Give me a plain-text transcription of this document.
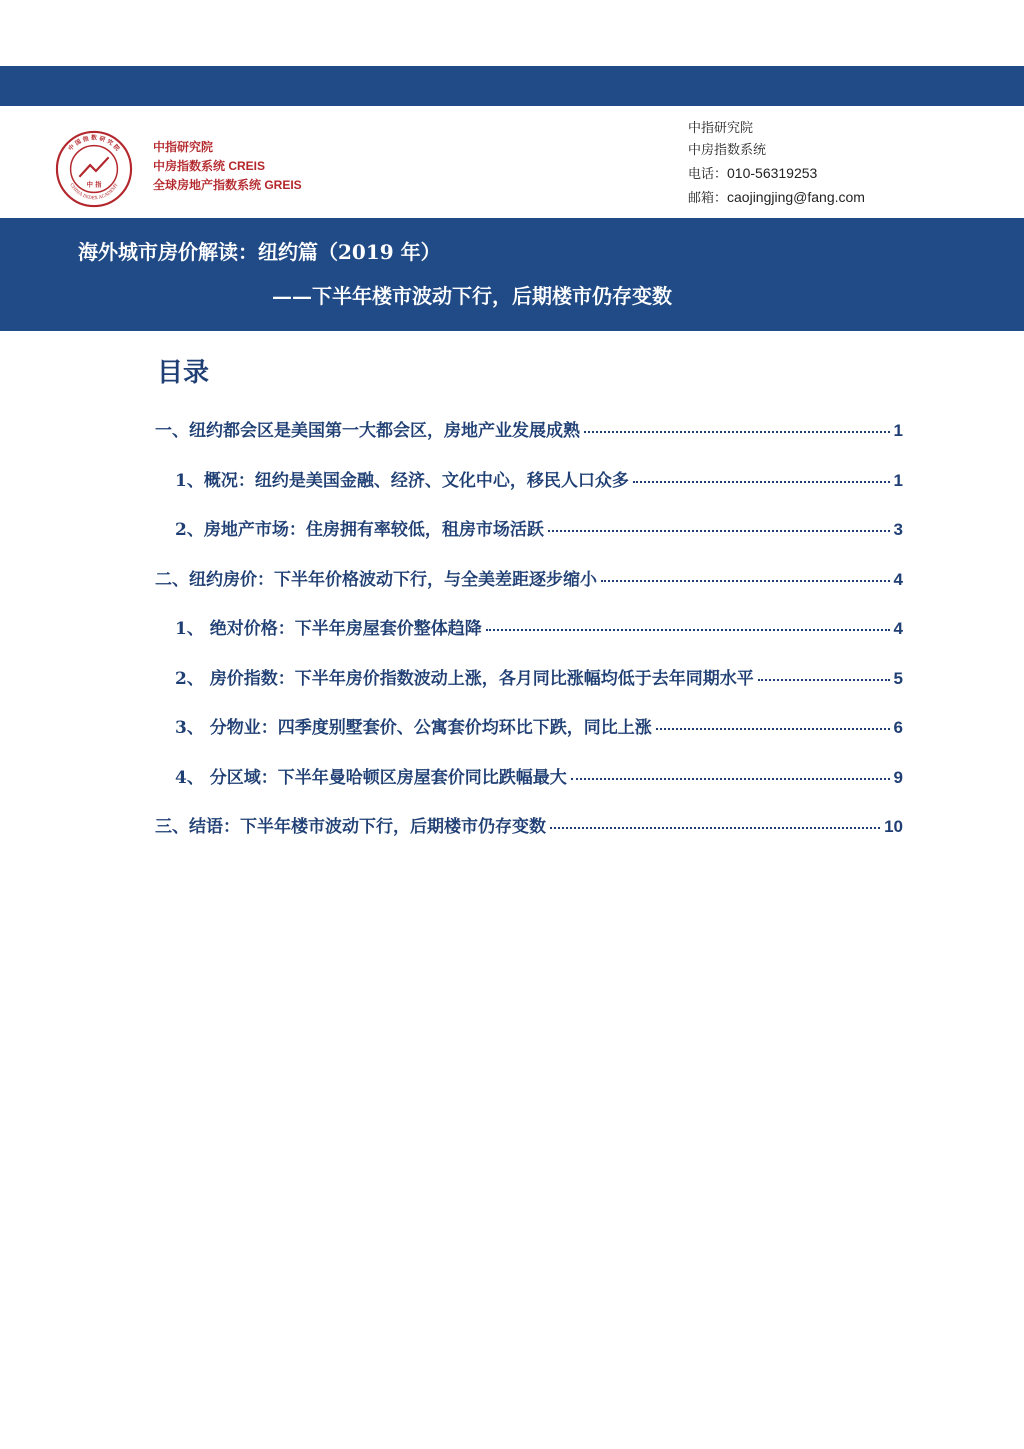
中 国 指 数 研 究 院
CHINA INDEX ACADEMY
中 指
中指研究院
中房指数系统 CREIS
全球房地产指数系统 GREIS
中指研究院
中房指数系统
电话：010-56319253
邮箱：caojingjing@fang.com
海外城市房价解读：纽约篇（2019 年）
——下半年楼市波动下行，后期楼市仍存变数
目录
一、纽约都会区是美国第一大都会区，房地产业发展成熟	1
1、概况：纽约是美国金融、经济、文化中心，移民人口众多	1
2、房地产市场：住房拥有率较低，租房市场活跃	3
二、纽约房价：下半年价格波动下行，与全美差距逐步缩小	4
1、 绝对价格：下半年房屋套价整体趋降	4
2、 房价指数：下半年房价指数波动上涨，各月同比涨幅均低于去年同期水平	5
3、 分物业：四季度别墅套价、公寓套价均环比下跌，同比上涨	6
4、 分区域：下半年曼哈顿区房屋套价同比跌幅最大	9
三、结语：下半年楼市波动下行，后期楼市仍存变数	10
